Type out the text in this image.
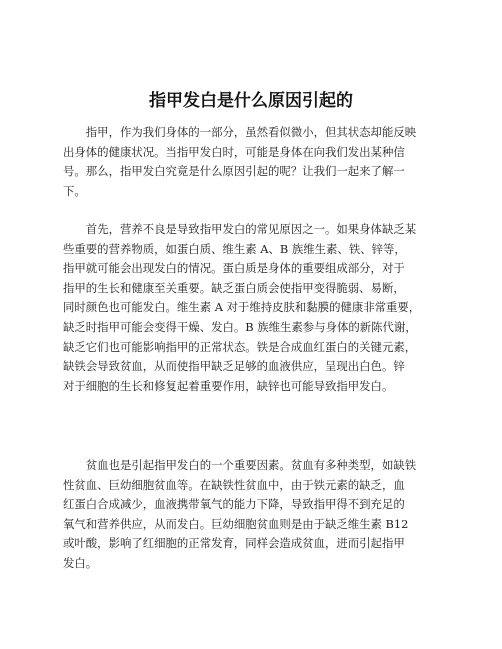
指甲发白是什么原因引起的
　　指甲，作为我们身体的一部分，虽然看似微小，但其状态却能反映
出身体的健康状况。当指甲发白时，可能是身体在向我们发出某种信
号。那么，指甲发白究竟是什么原因引起的呢？让我们一起来了解一
下。
　　首先，营养不良是导致指甲发白的常见原因之一。如果身体缺乏某
些重要的营养物质，如蛋白质、维生素 A、B 族维生素、铁、锌等，
指甲就可能会出现发白的情况。蛋白质是身体的重要组成部分，对于
指甲的生长和健康至关重要。缺乏蛋白质会使指甲变得脆弱、易断，
同时颜色也可能发白。维生素 A 对于维持皮肤和黏膜的健康非常重要，
缺乏时指甲可能会变得干燥、发白。B 族维生素参与身体的新陈代谢，
缺乏它们也可能影响指甲的正常状态。铁是合成血红蛋白的关键元素，
缺铁会导致贫血，从而使指甲缺乏足够的血液供应，呈现出白色。锌
对于细胞的生长和修复起着重要作用，缺锌也可能导致指甲发白。
　　贫血也是引起指甲发白的一个重要因素。贫血有多种类型，如缺铁
性贫血、巨幼细胞贫血等。在缺铁性贫血中，由于铁元素的缺乏，血
红蛋白合成减少，血液携带氧气的能力下降，导致指甲得不到充足的
氧气和营养供应，从而发白。巨幼细胞贫血则是由于缺乏维生素 B12
或叶酸，影响了红细胞的正常发育，同样会造成贫血，进而引起指甲
发白。
